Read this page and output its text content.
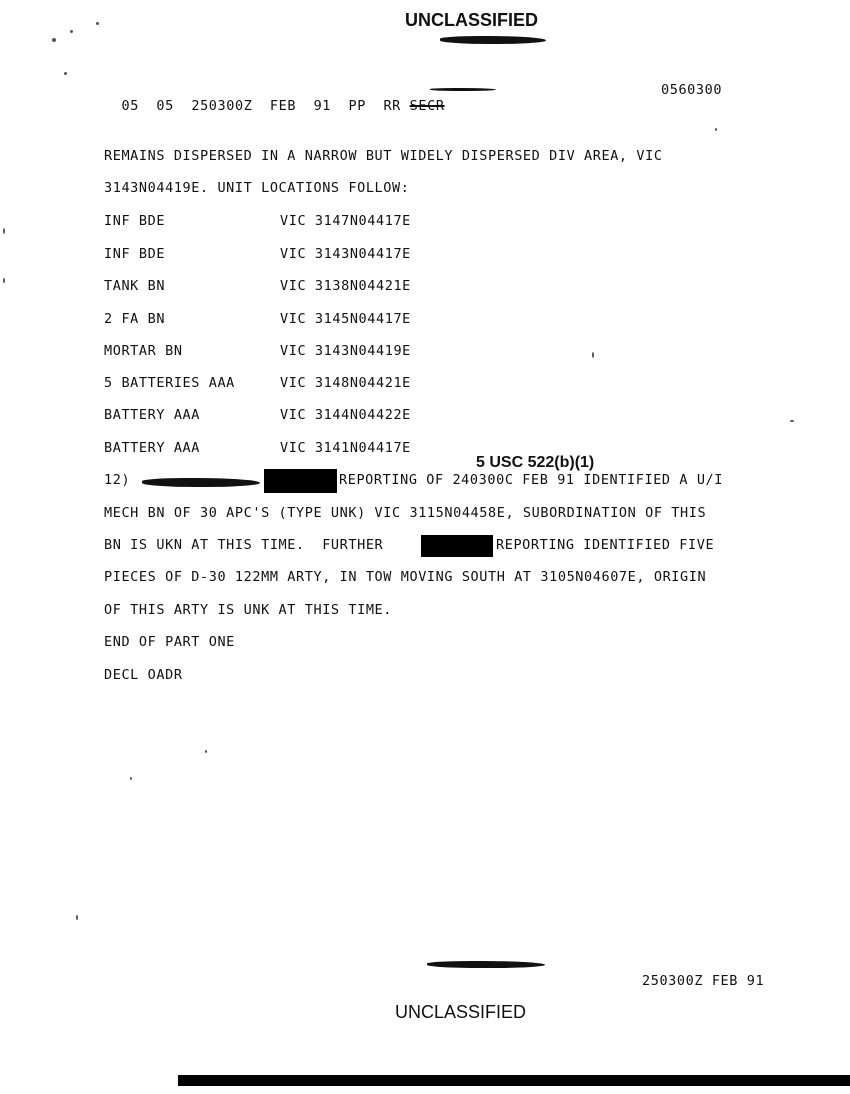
UNCLASSIFIED

05 05 250300Z FEB 91 PP RR SECR

0560300
REMAINS DISPERSED IN A NARROW BUT WIDELY DISPERSED DIV AREA, VIC
3143N04419E. UNIT LOCATIONS FOLLOW:
INF BDE	VIC 3147N04417E
INF BDE	VIC 3143N04417E
TANK BN	VIC 3138N04421E
2 FA BN	VIC 3145N04417E
MORTAR BN	VIC 3143N04419E
5 BATTERIES AAA	VIC 3148N04421E
BATTERY AAA	VIC 3144N04422E
BATTERY AAA	VIC 3141N04417E
5 USC 522(b)(1)
12)	REPORTING OF 240300C FEB 91 IDENTIFIED A U/I
MECH BN OF 30 APC'S (TYPE UNK) VIC 3115N04458E, SUBORDINATION OF THIS
BN IS UKN AT THIS TIME.  FURTHER	REPORTING IDENTIFIED FIVE
PIECES OF D-30 122MM ARTY, IN TOW MOVING SOUTH AT 3105N04607E, ORIGIN
OF THIS ARTY IS UNK AT THIS TIME.
END OF PART ONE
DECL OADR
250300Z FEB 91
UNCLASSIFIED
